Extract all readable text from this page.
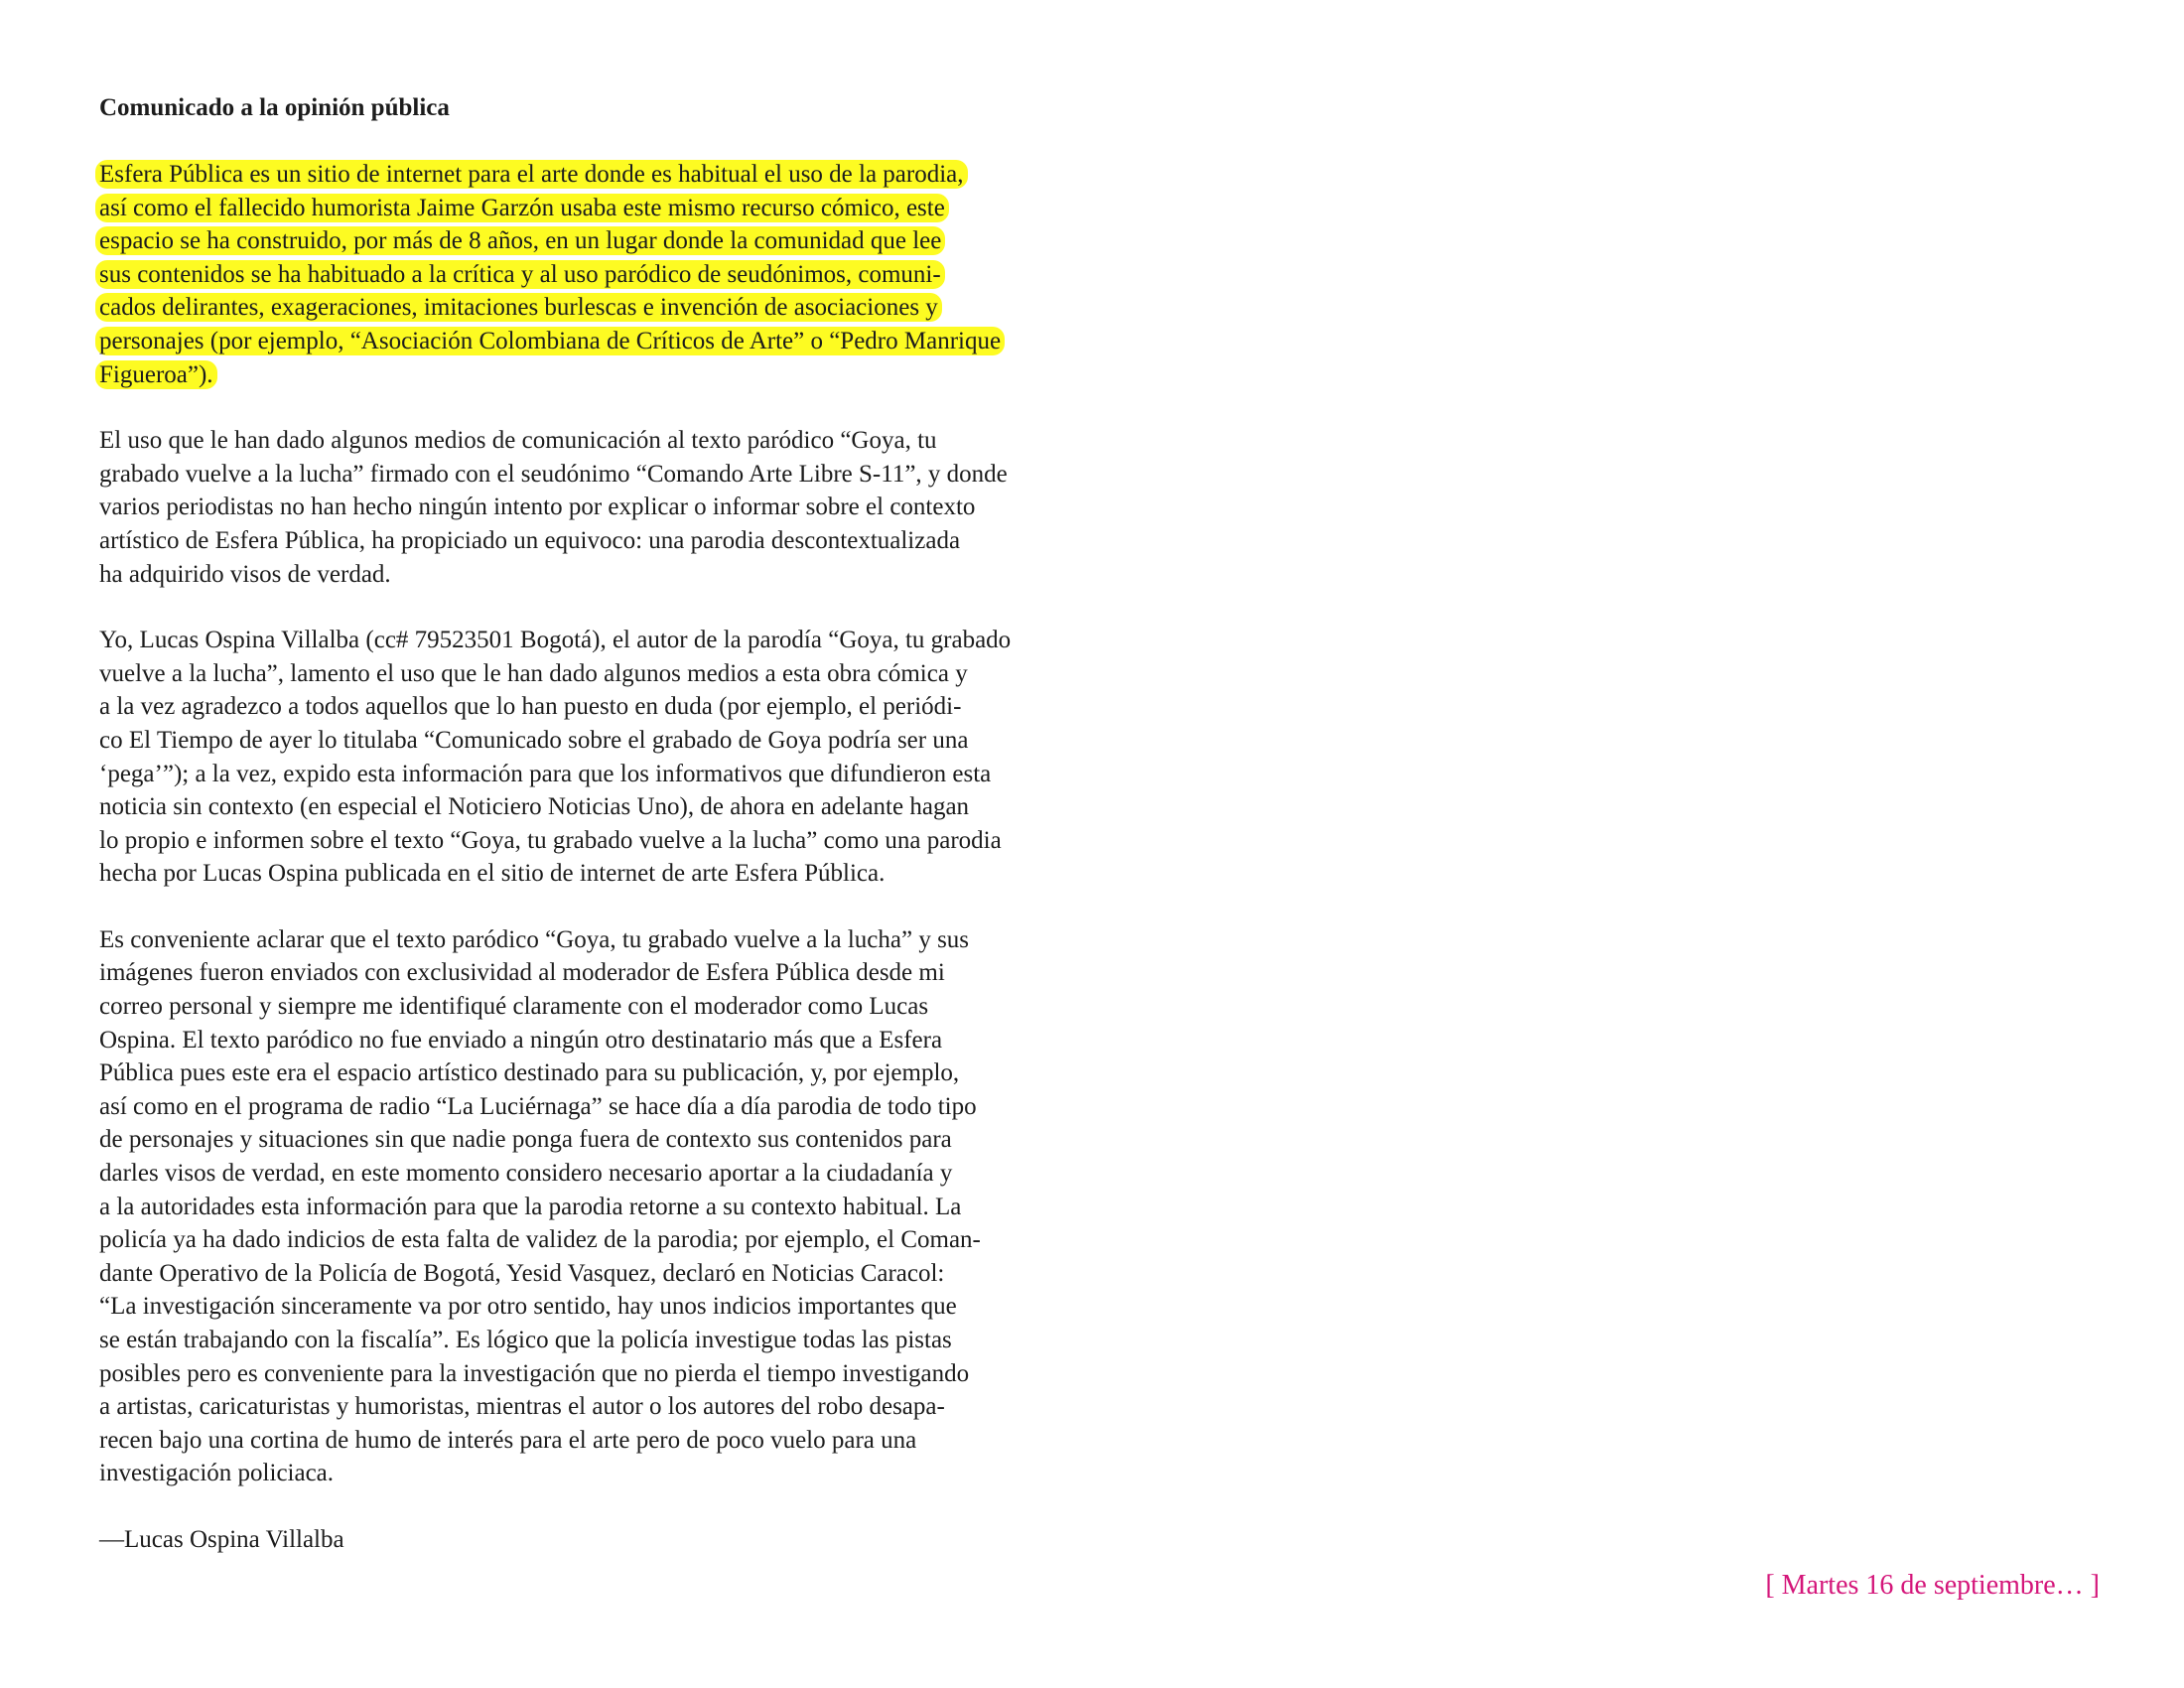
Comunicado a la opinión pública
Esfera Pública es un sitio de internet para el arte donde es habitual el uso de la parodia,
así como el fallecido humorista Jaime Garzón usaba este mismo recurso cómico, este
espacio se ha construido, por más de 8 años, en un lugar donde la comunidad que lee
sus contenidos se ha habituado a la crítica y al uso paródico de seudónimos, comuni-
cados delirantes, exageraciones, imitaciones burlescas e invención de asociaciones y
personajes (por ejemplo, “Asociación Colombiana de Críticos de Arte” o “Pedro Manrique
Figueroa”).
El uso que le han dado algunos medios de comunicación al texto paródico “Goya, tu
grabado vuelve a la lucha” firmado con el seudónimo “Comando Arte Libre S-11”, y donde
varios periodistas no han hecho ningún intento por explicar o informar sobre el contexto
artístico de Esfera Pública, ha propiciado un equivoco: una parodia descontextualizada
ha adquirido visos de verdad.
Yo, Lucas Ospina Villalba (cc# 79523501 Bogotá), el autor de la parodía “Goya, tu grabado
vuelve a la lucha”, lamento el uso que le han dado algunos medios a esta obra cómica y
a la vez agradezco a todos aquellos que lo han puesto en duda (por ejemplo, el periódi-
co El Tiempo de ayer lo titulaba “Comunicado sobre el grabado de Goya podría ser una
‘pega’”); a la vez, expido esta información para que los informativos que difundieron esta
noticia sin contexto (en especial el Noticiero Noticias Uno), de ahora en adelante hagan
lo propio e informen sobre el texto “Goya, tu grabado vuelve a la lucha” como una parodia
hecha por Lucas Ospina publicada en el sitio de internet de arte Esfera Pública.
Es conveniente aclarar que el texto paródico “Goya, tu grabado vuelve a la lucha” y sus
imágenes fueron enviados con exclusividad al moderador de Esfera Pública desde mi
correo personal y siempre me identifiqué claramente con el moderador como Lucas
Ospina. El texto paródico no fue enviado a ningún otro destinatario más que a Esfera
Pública pues este era el espacio artístico destinado para su publicación, y, por ejemplo,
así como en el programa de radio “La Luciérnaga” se hace día a día parodia de todo tipo
de personajes y situaciones sin que nadie ponga fuera de contexto sus contenidos para
darles visos de verdad, en este momento considero necesario aportar a la ciudadanía y
a la autoridades esta información para que la parodia retorne a su contexto habitual. La
policía ya ha dado indicios de esta falta de validez de la parodia; por ejemplo, el Coman-
dante Operativo de la Policía de Bogotá, Yesid Vasquez, declaró en Noticias Caracol:
“La investigación sinceramente va por otro sentido, hay unos indicios importantes que
se están trabajando con la fiscalía”. Es lógico que la policía investigue todas las pistas
posibles pero es conveniente para la investigación que no pierda el tiempo investigando
a artistas, caricaturistas y humoristas, mientras el autor o los autores del robo desapa-
recen bajo una cortina de humo de interés para el arte pero de poco vuelo para una
investigación policiaca.
—Lucas Ospina Villalba
[ Martes 16 de septiembre… ]
